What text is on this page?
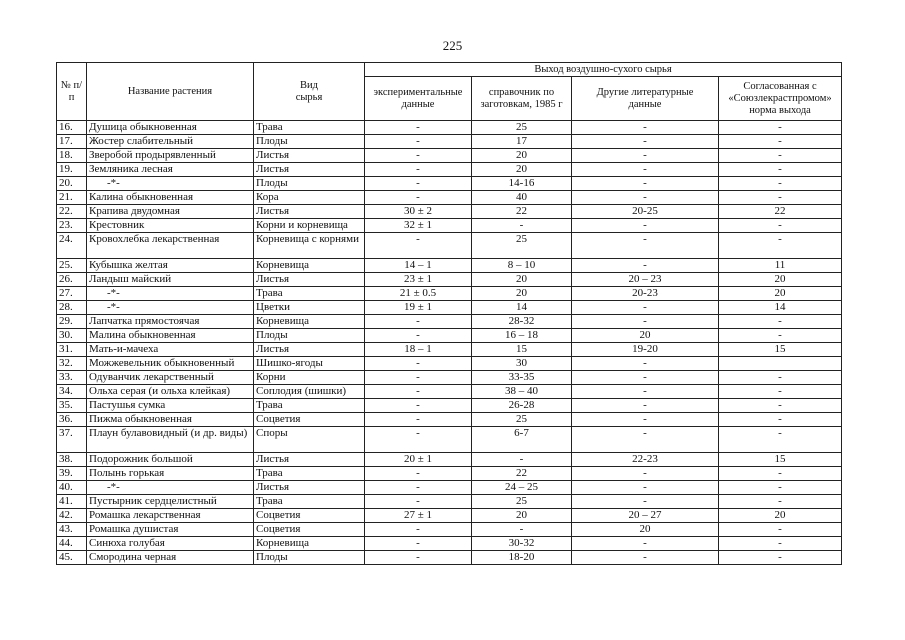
225
№ п/п	Название растения	Вид сырья	Выход воздушно-сухого сырья			
			экспериментальные данные	справочник по заготовкам, 1985 г	Другие литературные данные	Согласованная с «Союзлекрастпромом» норма выхода
16.	Душица обыкновенная	Трава	-	25	-	-
17.	Жостер слабительный	Плоды	-	17	-	-
18.	Зверобой продырявленный	Листья	-	20	-	-
19.	Земляника лесная	Листья	-	20	-	-
20.	-*-	Плоды	-	14-16	-	-
21.	Калина обыкновенная	Кора	-	40	-	-
22.	Крапива двудомная	Листья	30 ± 2	22	20-25	22
23.	Крестовник	Корни и корневища	32 ± 1	-	-	-
24.	Кровохлебка лекарственная	Корневища с корнями	-	25	-	-
25.	Кубышка желтая	Корневища	14 – 1	8 – 10	-	11
26.	Ландыш майский	Листья	23 ± 1	20	20 – 23	20
27.	-*-	Трава	21 ± 0.5	20	20-23	20
28.	-*-	Цветки	19 ± 1	14	-	14
29.	Лапчатка прямостоячая	Корневища	-	28-32	-	-
30.	Малина обыкновенная	Плоды	-	16 – 18	20	-
31.	Мать-и-мачеха	Листья	18 – 1	15	19-20	15
32.	Можжевельник обыкновенный	Шишко-ягоды	-	30	-	
33.	Одуванчик лекарственный	Корни	-	33-35	-	-
34.	Ольха серая (и ольха клейкая)	Соплодия (шишки)	-	38 – 40	-	-
35.	Пастушья сумка	Трава	-	26-28	-	-
36.	Пижма обыкновенная	Соцветия	-	25	-	-
37.	Плаун булавовидный (и др. виды)	Споры	-	6-7	-	-
38.	Подорожник большой	Листья	20 ± 1	-	22-23	15
39.	Полынь горькая	Трава	-	22	-	-
40.	-*-	Листья	-	24 – 25	-	-
41.	Пустырник сердцелистный	Трава	-	25	-	-
42.	Ромашка лекарственная	Соцветия	27 ± 1	20	20 – 27	20
43.	Ромашка душистая	Соцветия	-	-	20	-
44.	Синюха голубая	Корневища	-	30-32	-	-
45.	Смородина черная	Плоды	-	18-20	-	-
